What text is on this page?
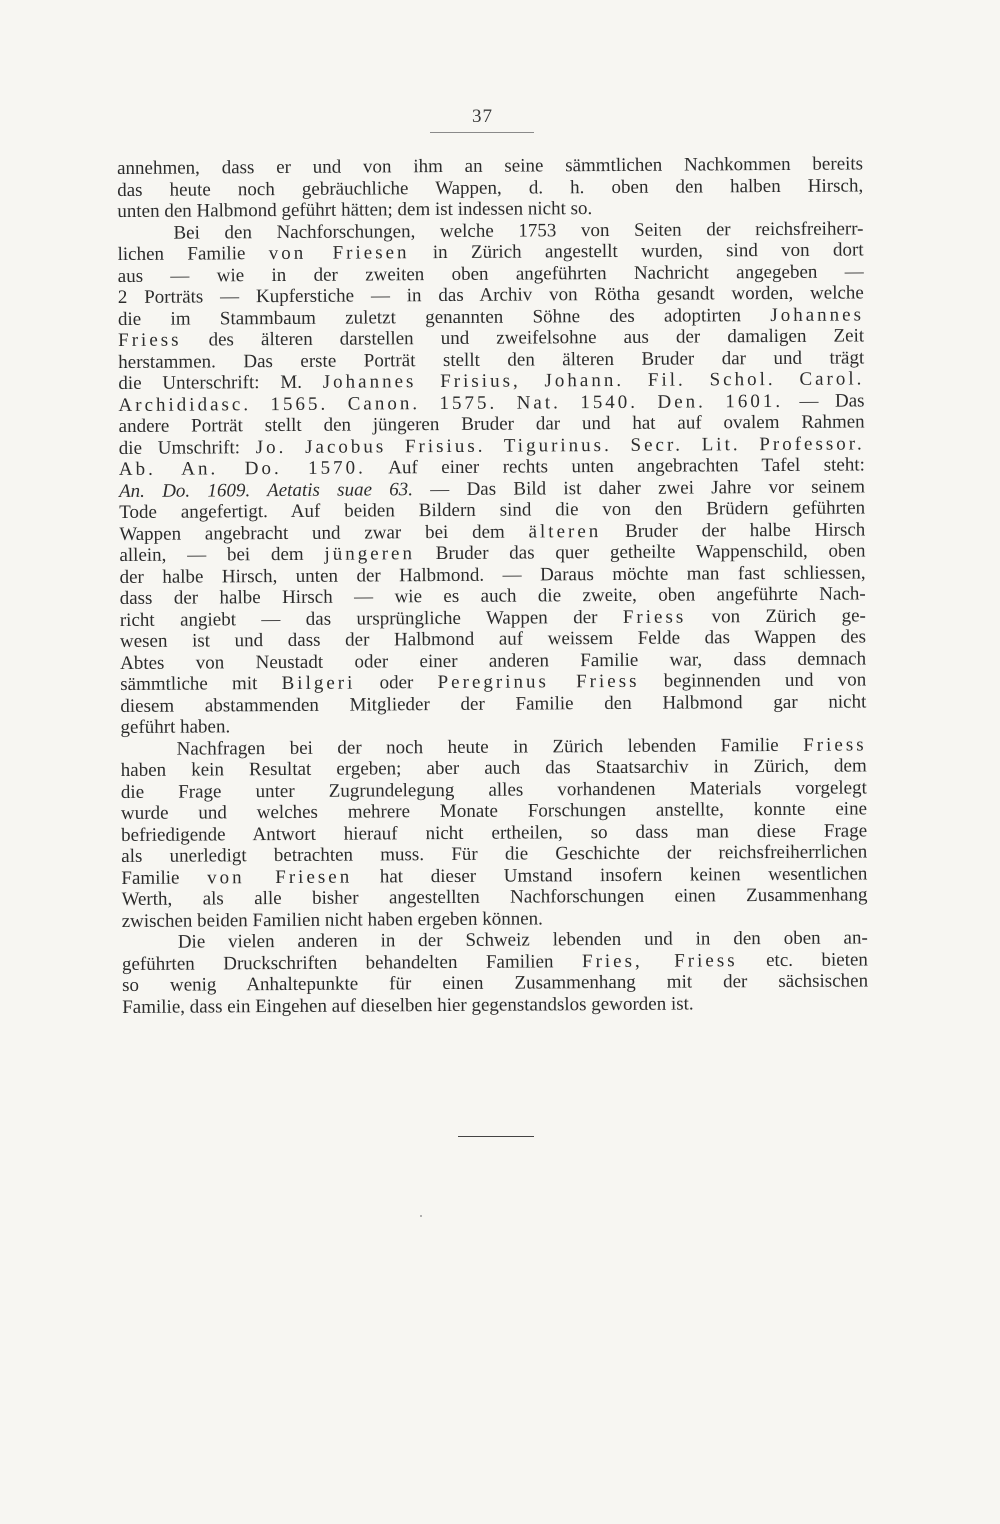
37
annehmen, dass er und von ihm an seine sämmtlichen Nachkommen bereits
das heute noch gebräuchliche Wappen, d. h. oben den halben Hirsch,
unten den Halbmond geführt hätten; dem ist indessen nicht so.
Bei den Nachforschungen, welche 1753 von Seiten der reichsfreiherr-
lichen Familie von Friesen in Zürich angestellt wurden, sind von dort
aus — wie in der zweiten oben angeführten Nachricht angegeben —
2 Porträts — Kupferstiche — in das Archiv von Rötha gesandt worden, welche
die im Stammbaum zuletzt genannten Söhne des adoptirten Johannes
Friess des älteren darstellen und zweifelsohne aus der damaligen Zeit
herstammen. Das erste Porträt stellt den älteren Bruder dar und trägt
die Unterschrift: M. Johannes Frisius, Johann. Fil. Schol. Carol.
Archididasc. 1565. Canon. 1575. Nat. 1540. Den. 1601. — Das
andere Porträt stellt den jüngeren Bruder dar und hat auf ovalem Rahmen
die Umschrift: Jo. Jacobus Frisius. Tigurinus. Secr. Lit. Professor.
Ab. An. Do. 1570. Auf einer rechts unten angebrachten Tafel steht:
An. Do. 1609. Aetatis suae 63. — Das Bild ist daher zwei Jahre vor seinem
Tode angefertigt. Auf beiden Bildern sind die von den Brüdern geführten
Wappen angebracht und zwar bei dem älteren Bruder der halbe Hirsch
allein, — bei dem jüngeren Bruder das quer getheilte Wappenschild, oben
der halbe Hirsch, unten der Halbmond. — Daraus möchte man fast schliessen,
dass der halbe Hirsch — wie es auch die zweite, oben angeführte Nach-
richt angiebt — das ursprüngliche Wappen der Friess von Zürich ge-
wesen ist und dass der Halbmond auf weissem Felde das Wappen des
Abtes von Neustadt oder einer anderen Familie war, dass demnach
sämmtliche mit Bilgeri oder Peregrinus Friess beginnenden und von
diesem abstammenden Mitglieder der Familie den Halbmond gar nicht
geführt haben.
Nachfragen bei der noch heute in Zürich lebenden Familie Friess
haben kein Resultat ergeben; aber auch das Staatsarchiv in Zürich, dem
die Frage unter Zugrundelegung alles vorhandenen Materials vorgelegt
wurde und welches mehrere Monate Forschungen anstellte, konnte eine
befriedigende Antwort hierauf nicht ertheilen, so dass man diese Frage
als unerledigt betrachten muss. Für die Geschichte der reichsfreiherrlichen
Familie von Friesen hat dieser Umstand insofern keinen wesentlichen
Werth, als alle bisher angestellten Nachforschungen einen Zusammenhang
zwischen beiden Familien nicht haben ergeben können.
Die vielen anderen in der Schweiz lebenden und in den oben an-
geführten Druckschriften behandelten Familien Fries, Friess etc. bieten
so wenig Anhaltepunkte für einen Zusammenhang mit der sächsischen
Familie, dass ein Eingehen auf dieselben hier gegenstandslos geworden ist.
